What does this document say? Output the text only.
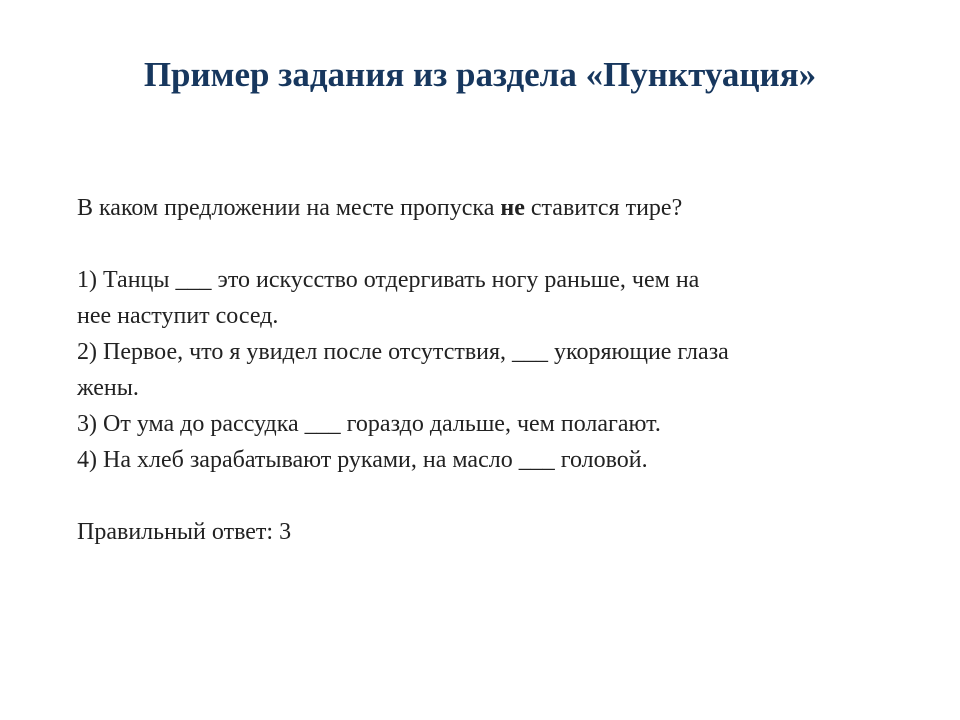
Пример задания из раздела «Пунктуация»
В каком предложении на месте пропуска не ставится тире?
1) Танцы ___ это искусство отдергивать ногу раньше, чем на
нее наступит сосед.
2) Первое, что я увидел после отсутствия, ___ укоряющие глаза
жены.
3) От ума до рассудка ___ гораздо дальше, чем полагают.
4) На хлеб зарабатывают руками, на масло ___ головой.
Правильный ответ: 3
